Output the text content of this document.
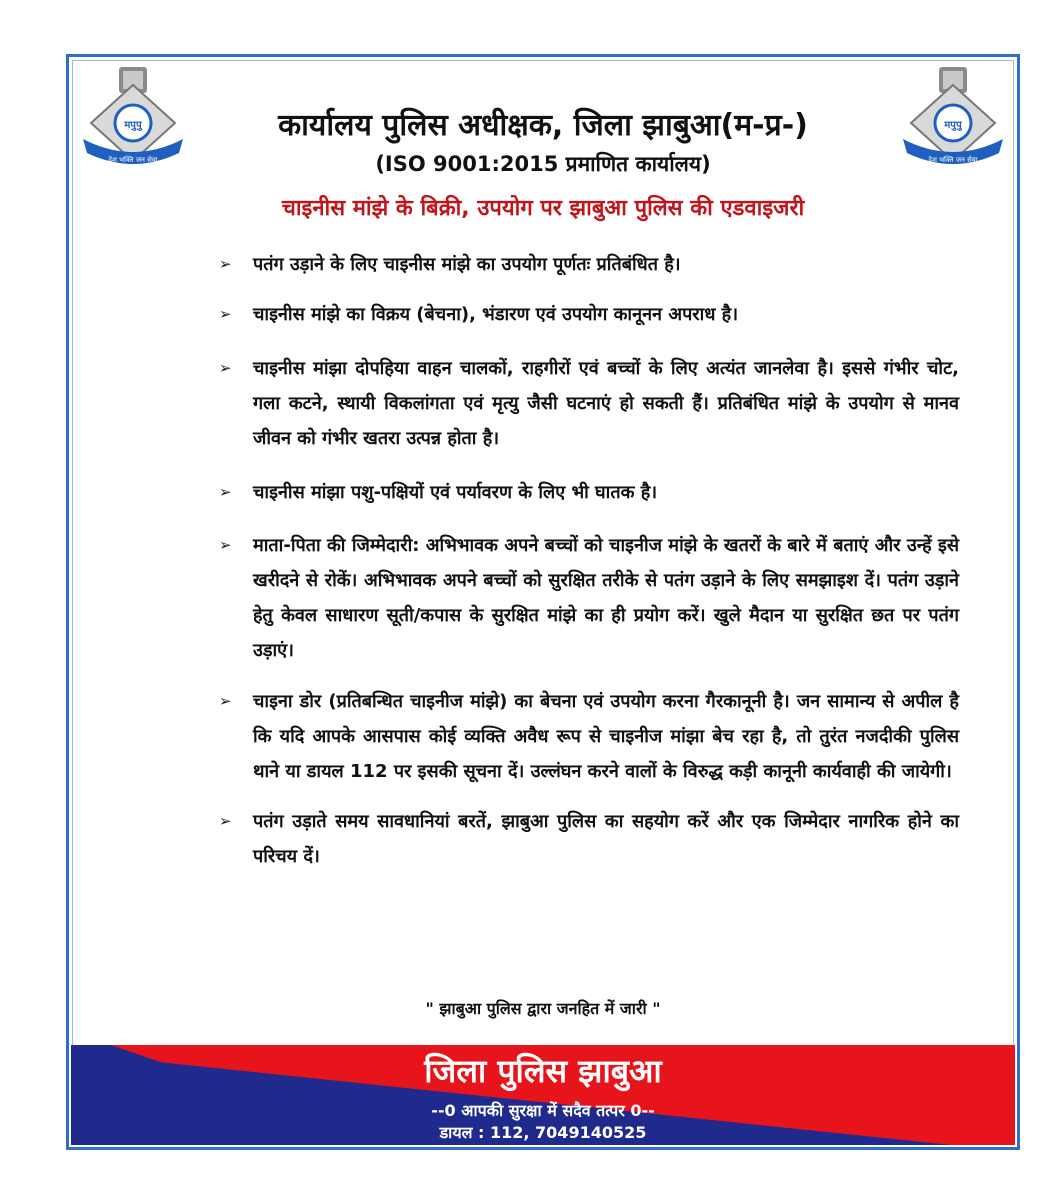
मपुपु
देश भक्ति जन सेवा
मपुपु
देश भक्ति जन सेवा
कार्यालय पुलिस अधीक्षक, जिला झाबुआ(म-प्र-)
(ISO 9001:2015 प्रमाणित कार्यालय)
चाइनीस मांझे के बिक्री, उपयोग पर झाबुआ पुलिस की एडवाइजरी
➢ पतंग उड़ाने के लिए चाइनीस मांझे का उपयोग पूर्णतः प्रतिबंधित है।
➢ चाइनीस मांझे का विक्रय (बेचना), भंडारण एवं उपयोग कानूनन अपराध है।
➢ चाइनीस मांझा दोपहिया वाहन चालकों, राहगीरों एवं बच्चों के लिए अत्यंत जानलेवा है। इससे गंभीर चोट, गला कटने, स्थायी विकलांगता एवं मृत्यु जैसी घटनाएं हो सकती हैं। प्रतिबंधित मांझे के उपयोग से मानव जीवन को गंभीर खतरा उत्पन्न होता है।
➢ चाइनीस मांझा पशु-पक्षियों एवं पर्यावरण के लिए भी घातक है।
➢ माता-पिता की जिम्मेदारी: अभिभावक अपने बच्चों को चाइनीज मांझे के खतरों के बारे में बताएं और उन्हें इसे खरीदने से रोकें। अभिभावक अपने बच्चों को सुरक्षित तरीके से पतंग उड़ाने के लिए समझाइश दें। पतंग उड़ाने हेतु केवल साधारण सूती/कपास के सुरक्षित मांझे का ही प्रयोग करें। खुले मैदान या सुरक्षित छत पर पतंग उड़ाएं।
➢ चाइना डोर (प्रतिबन्धित चाइनीज मांझे) का बेचना एवं उपयोग करना गैरकानूनी है। जन सामान्य से अपील है कि यदि आपके आसपास कोई व्यक्ति अवैध रूप से चाइनीज मांझा बेच रहा है, तो तुरंत नजदीकी पुलिस थाने या डायल 112 पर इसकी सूचना दें। उल्लंघन करने वालों के विरुद्ध कड़ी कानूनी कार्यवाही की जायेगी।
➢ पतंग उड़ाते समय सावधानियां बरतें, झाबुआ पुलिस का सहयोग करें और एक जिम्मेदार नागरिक होने का परिचय दें।
" झाबुआ पुलिस द्वारा जनहित में जारी "
जिला पुलिस झाबुआ
--0 आपकी सुरक्षा में सदैव तत्पर 0--
डायल : 112, 7049140525
